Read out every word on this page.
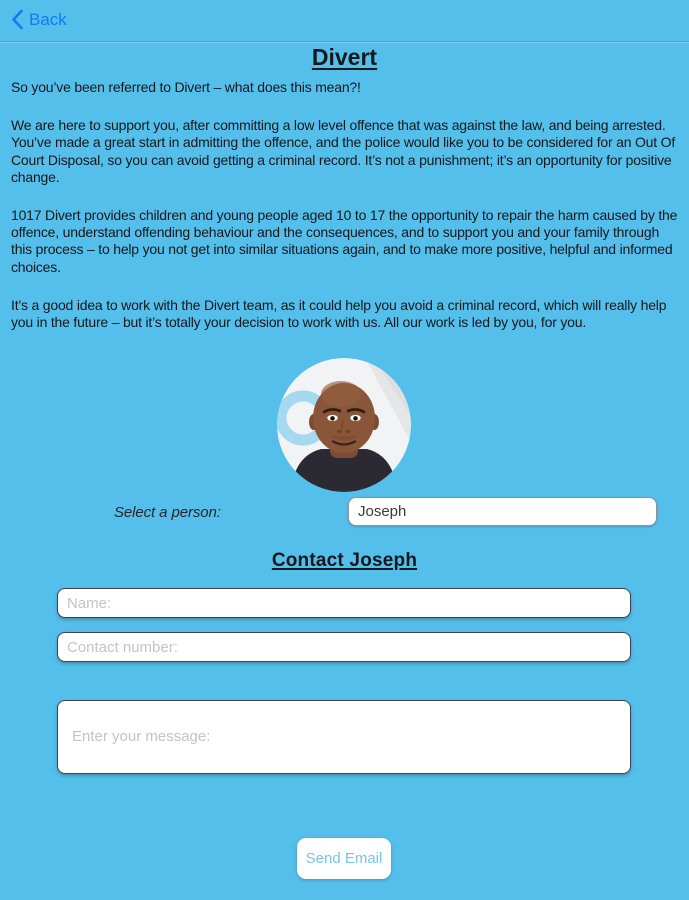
Back
Divert

So you’ve been referred to Divert – what does this mean?!

We are here to support you, after committing a low level offence that was against the law, and being arrested. You’ve made a great start in admitting the offence, and the police would like you to be considered for an Out Of Court Disposal, so you can avoid getting a criminal record. It’s not a punishment; it’s an opportunity for positive change.

1017 Divert provides children and young people aged 10 to 17 the opportunity to repair the harm caused by the offence, understand offending behaviour and the consequences, and to support you and your family through this process – to help you not get into similar situations again, and to make more positive, helpful and informed choices.

It’s a good idea to work with the Divert team, as it could help you avoid a criminal record, which will really help you in the future – but it’s totally your decision to work with us. All our work is led by you, for you.

Select a person:
Joseph
Contact Joseph
Name:
Contact number:
Enter your message:
Send Email
